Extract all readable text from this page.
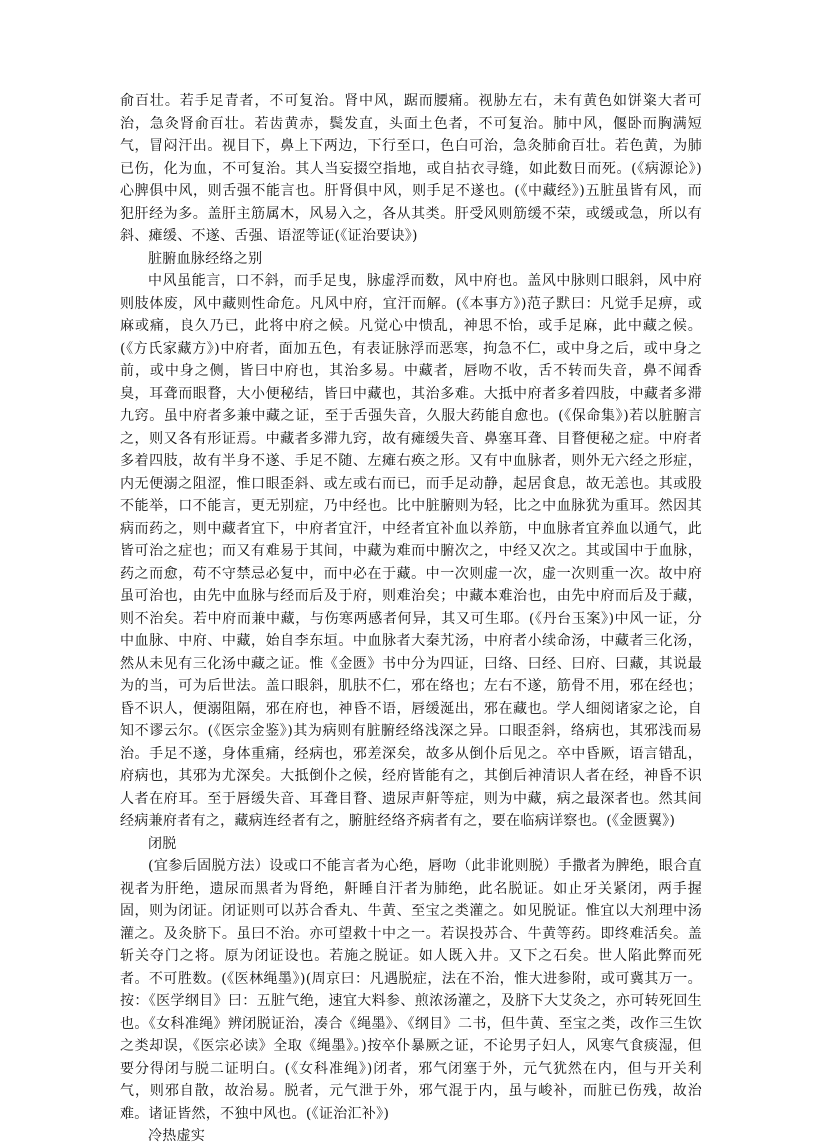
俞百壮。若手足青者，不可复治。肾中风，踞而腰痛。视胁左右，未有黄色如饼粢大者可治，急灸肾俞百壮。若齿黄赤，鬓发直，头面土色者，不可复治。肺中风，偃卧而胸满短气，冒闷汗出。视目下，鼻上下两边，下行至口，色白可治，急灸肺俞百壮。若色黄，为肺已伤，化为血，不可复治。其人当妄掇空指地，或自拈衣寻缝，如此数日而死。(《病源论》)心脾俱中风，则舌强不能言也。肝肾俱中风，则手足不遂也。(《中藏经》)五脏虽皆有风，而犯肝经为多。盖肝主筋属木，风易入之，各从其类。肝受风则筋缓不荣，或缓或急，所以有斜、瘫缓、不遂、舌强、语涩等证(《证治要诀》)

脏腑血脉经络之别

中风虽能言，口不斜，而手足曳，脉虚浮而数，风中府也。盖风中脉则口眼斜，风中府则肢体废，风中藏则性命危。凡风中府，宜汗而解。(《本事方》)范子默曰：凡觉手足痹，或麻或痛，良久乃已，此将中府之候。凡觉心中愦乱，神思不怡，或手足麻，此中藏之候。(《方氏家藏方》)中府者，面加五色，有表证脉浮而恶寒，拘急不仁，或中身之后，或中身之前，或中身之侧，皆曰中府也，其治多易。中藏者，唇吻不收，舌不转而失音，鼻不闻香臭，耳聋而眼瞀，大小便秘结，皆曰中藏也，其治多难。大抵中府者多着四肢，中藏者多滞九窍。虽中府者多兼中藏之证，至于舌强失音，久服大药能自愈也。(《保命集》)若以脏腑言之，则又各有形证焉。中藏者多滞九窍，故有瘫缓失音、鼻塞耳聋、目瞀便秘之症。中府者多着四肢，故有半身不遂、手足不随、左瘫右痪之形。又有中血脉者，则外无六经之形症，内无便溺之阻涩，惟口眼歪斜、或左或右而已，而手足动静，起居食息，故无恙也。其或股不能举，口不能言，更无别症，乃中经也。比中脏腑则为轻，比之中血脉犹为重耳。然因其病而药之，则中藏者宜下，中府者宜汗，中经者宜补血以养筋，中血脉者宜养血以通气，此皆可治之症也；而又有难易于其间，中藏为难而中腑次之，中经又次之。其或国中于血脉，药之而愈，苟不守禁忌必复中，而中必在于藏。中一次则虚一次，虚一次则重一次。故中府虽可治也，由先中血脉与经而后及于府，则难治矣；中藏本难治也，由先中府而后及于藏，则不治矣。若中府而兼中藏，与伤寒两感者何异，其又可生耶。(《丹台玉案》)中风一证，分中血脉、中府、中藏，始自李东垣。中血脉者大秦艽汤，中府者小续命汤，中藏者三化汤，然从未见有三化汤中藏之证。惟《金匮》书中分为四证，曰络、曰经、曰府、曰藏，其说最为的当，可为后世法。盖口眼斜，肌肤不仁，邪在络也；左右不遂，筋骨不用，邪在经也；昏不识人，便溺阻隔，邪在府也，神昏不语，唇缓涎出，邪在藏也。学人细阅诸家之论，自知不谬云尔。(《医宗金鉴》)其为病则有脏腑经络浅深之异。口眼歪斜，络病也，其邪浅而易治。手足不遂，身体重痛，经病也，邪差深矣，故多从倒仆后见之。卒中昏厥，语言错乱，府病也，其邪为尤深矣。大抵倒仆之候，经府皆能有之，其倒后神清识人者在经，神昏不识人者在府耳。至于唇缓失音、耳聋目瞀、遗尿声鼾等症，则为中藏，病之最深者也。然其间经病兼府者有之，藏病连经者有之，腑脏经络齐病者有之，要在临病详察也。(《金匮翼》)

闭脱

(宜参后固脱方法）设或口不能言者为心绝，唇吻（此非讹则脱）手撒者为脾绝，眼合直视者为肝绝，遗尿而黑者为肾绝，鼾睡自汗者为肺绝，此名脱证。如止牙关紧闭，两手握固，则为闭证。闭证则可以苏合香丸、牛黄、至宝之类灌之。如见脱证。惟宜以大剂理中汤灌之。及灸脐下。虽曰不治。亦可望救十中之一。若误投苏合、牛黄等药。即终难活矣。盖斩关夺门之将。原为闭证设也。若施之脱证。如人既入井。又下之石矣。世人陷此弊而死者。不可胜数。(《医林绳墨》)(周京曰：凡遇脱症，法在不治，惟大进参附，或可冀其万一。按：《医学纲目》曰：五脏气绝，速宜大料参、煎浓汤灌之，及脐下大艾灸之，亦可转死回生也。《女科准绳》辨闭脱证治，凑合《绳墨》、《纲目》二书，但牛黄、至宝之类，改作三生饮之类却误，《医宗必读》全取《绳墨》。)按卒仆暴厥之证，不论男子妇人，风寒气食痰湿，但要分得闭与脱二证明白。(《女科准绳》)闭者，邪气闭塞于外，元气犹然在内，但与开关利气，则邪自散，故治易。脱者，元气泄于外，邪气混于内，虽与峻补，而脏已伤残，故治难。诸证皆然，不独中风也。(《证治汇补》)

冷热虚实
